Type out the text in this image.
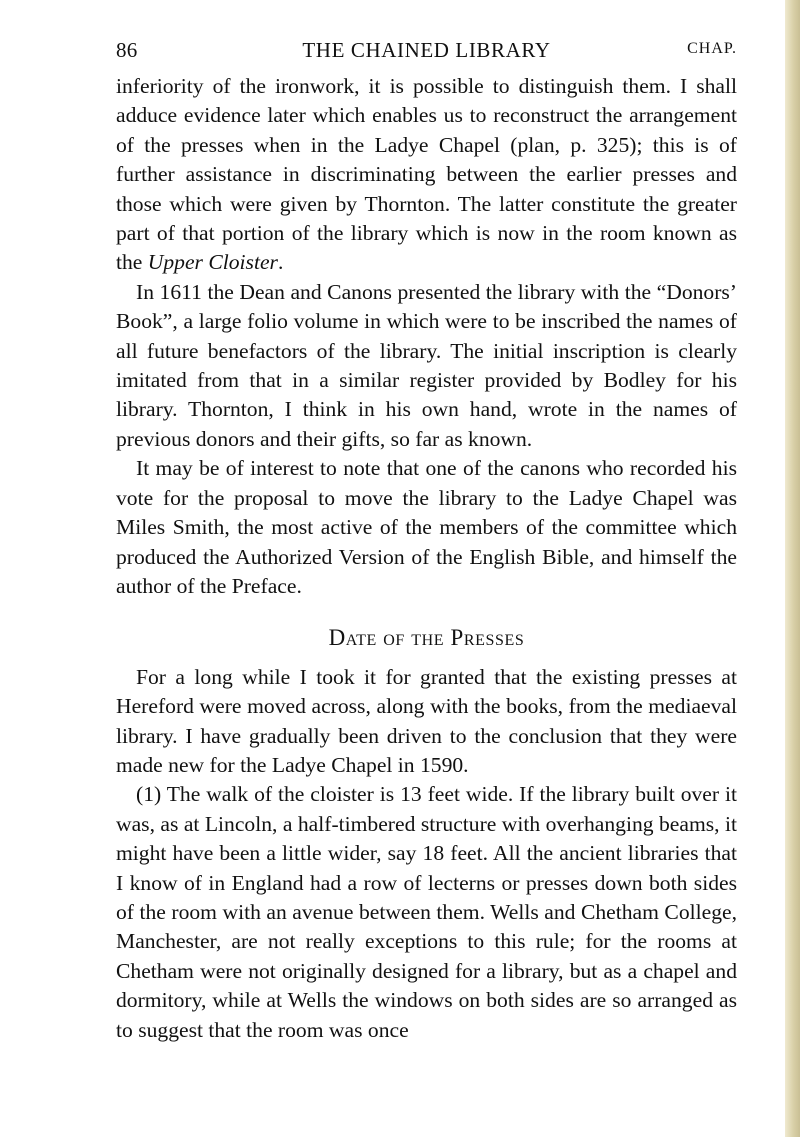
86	THE CHAINED LIBRARY	CHAP.

inferiority of the ironwork, it is possible to distinguish them. I shall adduce evidence later which enables us to reconstruct the arrangement of the presses when in the Ladye Chapel (plan, p. 325); this is of further assistance in discriminating between the earlier presses and those which were given by Thornton. The latter constitute the greater part of that portion of the library which is now in the room known as the Upper Cloister.

In 1611 the Dean and Canons presented the library with the “Donors’ Book”, a large folio volume in which were to be inscribed the names of all future benefactors of the library. The initial inscription is clearly imitated from that in a similar register provided by Bodley for his library. Thornton, I think in his own hand, wrote in the names of previous donors and their gifts, so far as known.

It may be of interest to note that one of the canons who recorded his vote for the proposal to move the library to the Ladye Chapel was Miles Smith, the most active of the members of the committee which produced the Authorized Version of the English Bible, and himself the author of the Preface.

Date of the Presses

For a long while I took it for granted that the existing presses at Hereford were moved across, along with the books, from the mediaeval library. I have gradually been driven to the conclusion that they were made new for the Ladye Chapel in 1590.

(1) The walk of the cloister is 13 feet wide. If the library built over it was, as at Lincoln, a half-timbered structure with overhanging beams, it might have been a little wider, say 18 feet. All the ancient libraries that I know of in England had a row of lecterns or presses down both sides of the room with an avenue between them. Wells and Chetham College, Manchester, are not really exceptions to this rule; for the rooms at Chetham were not originally designed for a library, but as a chapel and dormitory, while at Wells the windows on both sides are so arranged as to suggest that the room was once
